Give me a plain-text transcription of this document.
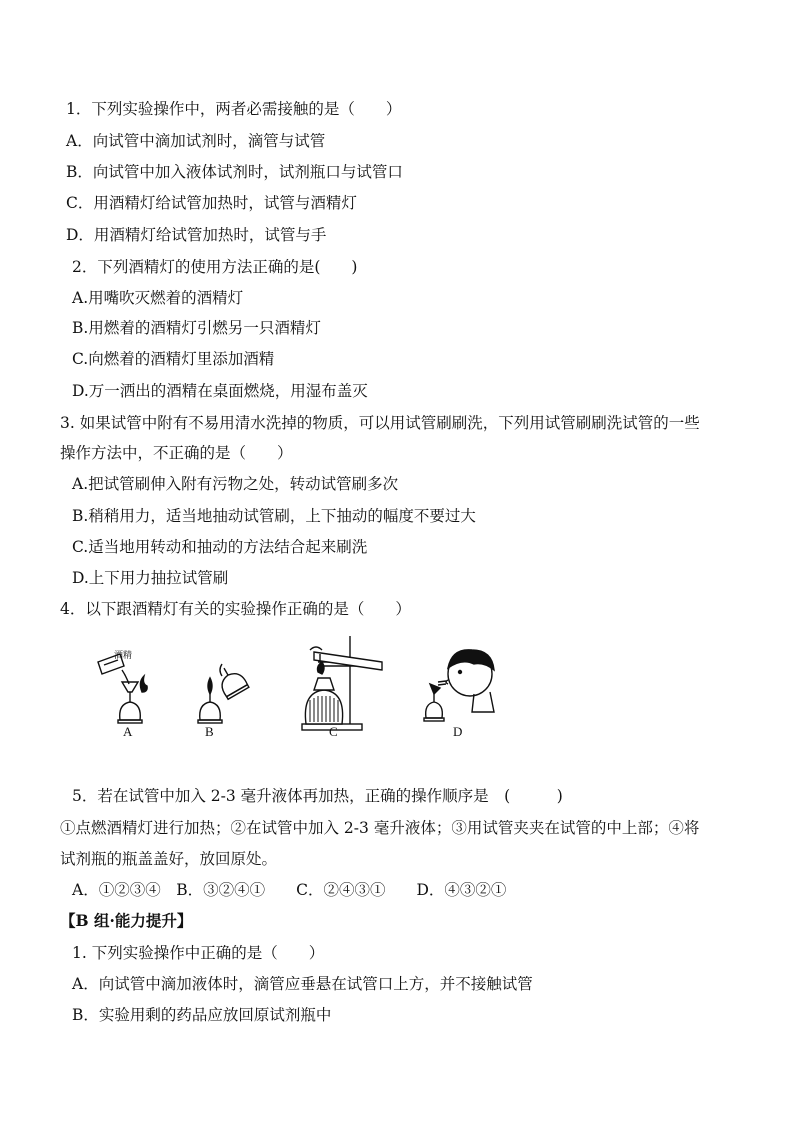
1．下列实验操作中，两者必需接触的是（　　）
A．向试管中滴加试剂时，滴管与试管
B．向试管中加入液体试剂时，试剂瓶口与试管口
C．用酒精灯给试管加热时，试管与酒精灯
D．用酒精灯给试管加热时，试管与手
2．下列酒精灯的使用方法正确的是(　　)
A.用嘴吹灭燃着的酒精灯
B.用燃着的酒精灯引燃另一只酒精灯
C.向燃着的酒精灯里添加酒精
D.万一洒出的酒精在桌面燃烧，用湿布盖灭
3. 如果试管中附有不易用清水洗掉的物质，可以用试管刷刷洗，下列用试管刷刷洗试管的一些
操作方法中，不正确的是（　　）
A.把试管刷伸入附有污物之处，转动试管刷多次
B.稍稍用力，适当地抽动试管刷，上下抽动的幅度不要过大
C.适当地用转动和抽动的方法结合起来刷洗
D.上下用力抽拉试管刷
4．以下跟酒精灯有关的实验操作正确的是（　　）
酒精
A	B	C	D
5．若在试管中加入 2-3 毫升液体再加热，正确的操作顺序是　(　　　)
①点燃酒精灯进行加热；②在试管中加入 2-3 毫升液体；③用试管夹夹在试管的中上部；④将
试剂瓶的瓶盖盖好，放回原处。
A．①②③④　B．③②④①　　C．②④③①　　D．④③②①
【B 组·能力提升】
1. 下列实验操作中正确的是（　　）
A．向试管中滴加液体时，滴管应垂悬在试管口上方，并不接触试管
B．实验用剩的药品应放回原试剂瓶中
